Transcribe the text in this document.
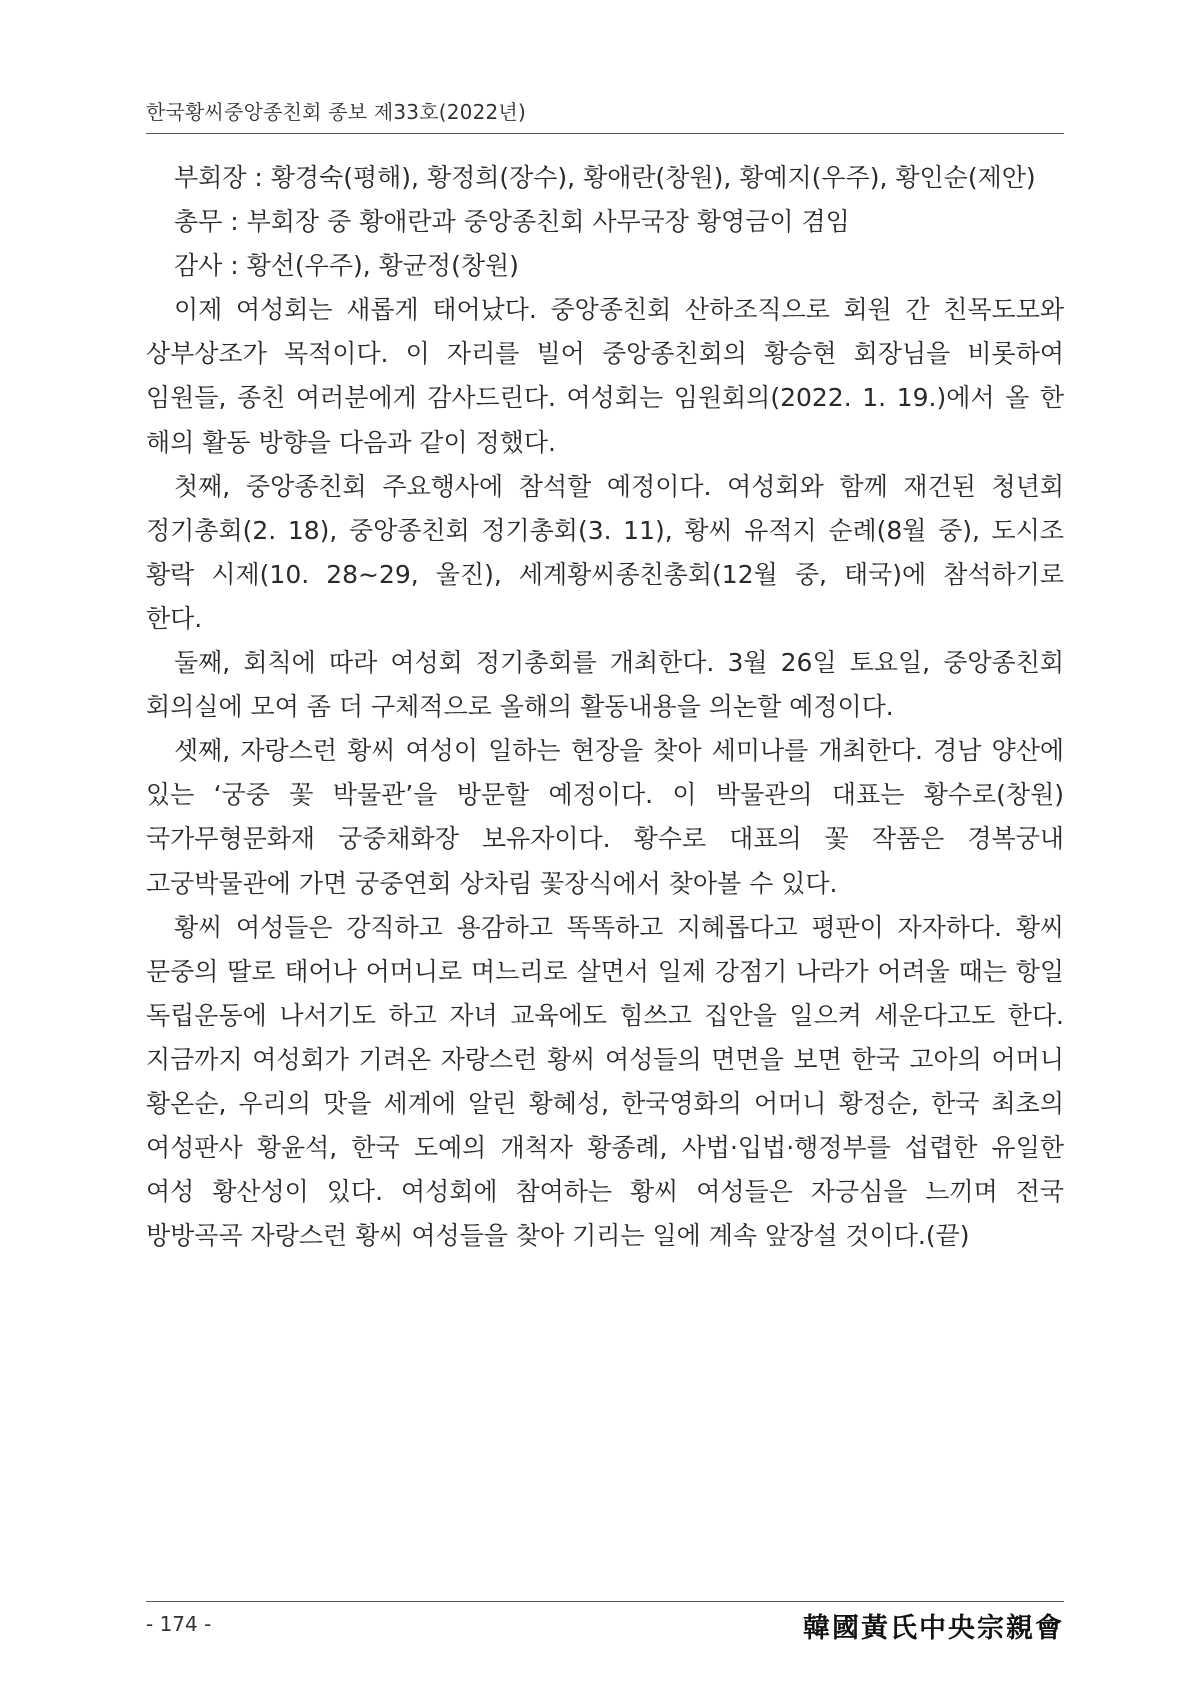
한국황씨중앙종친회 종보 제33호(2022년)

부회장 : 황경숙(평해), 황정희(장수), 황애란(창원), 황예지(우주), 황인순(제안)

총무 : 부회장 중 황애란과 중앙종친회 사무국장 황영금이 겸임

감사 : 황선(우주), 황균정(창원)

이제 여성회는 새롭게 태어났다. 중앙종친회 산하조직으로 회원 간 친목도모와 상부상조가 목적이다. 이 자리를 빌어 중앙종친회의 황승현 회장님을 비롯하여 임원들, 종친 여러분에게 감사드린다. 여성회는 임원회의(2022. 1. 19.)에서 올 한 해의 활동 방향을 다음과 같이 정했다.

첫째, 중앙종친회 주요행사에 참석할 예정이다. 여성회와 함께 재건된 청년회 정기총회(2. 18), 중앙종친회 정기총회(3. 11), 황씨 유적지 순례(8월 중), 도시조 황락 시제(10. 28~29, 울진), 세계황씨종친총회(12월 중, 태국)에 참석하기로 한다.

둘째, 회칙에 따라 여성회 정기총회를 개최한다. 3월 26일 토요일, 중앙종친회 회의실에 모여 좀 더 구체적으로 올해의 활동내용을 의논할 예정이다.

셋째, 자랑스런 황씨 여성이 일하는 현장을 찾아 세미나를 개최한다. 경남 양산에 있는 ‘궁중 꽃 박물관’을 방문할 예정이다. 이 박물관의 대표는 황수로(창원) 국가무형문화재 궁중채화장 보유자이다. 황수로 대표의 꽃 작품은 경복궁내 고궁박물관에 가면 궁중연회 상차림 꽃장식에서 찾아볼 수 있다.

황씨 여성들은 강직하고 용감하고 똑똑하고 지혜롭다고 평판이 자자하다. 황씨 문중의 딸로 태어나 어머니로 며느리로 살면서 일제 강점기 나라가 어려울 때는 항일 독립운동에 나서기도 하고 자녀 교육에도 힘쓰고 집안을 일으켜 세운다고도 한다. 지금까지 여성회가 기려온 자랑스런 황씨 여성들의 면면을 보면 한국 고아의 어머니 황온순, 우리의 맛을 세계에 알린 황혜성, 한국영화의 어머니 황정순, 한국 최초의 여성판사 황윤석, 한국 도예의 개척자 황종례, 사법·입법·행정부를 섭렵한 유일한 여성 황산성이 있다. 여성회에 참여하는 황씨 여성들은 자긍심을 느끼며 전국 방방곡곡 자랑스런 황씨 여성들을 찾아 기리는 일에 계속 앞장설 것이다.(끝)

- 174 -	韓國黃氏中央宗親會
